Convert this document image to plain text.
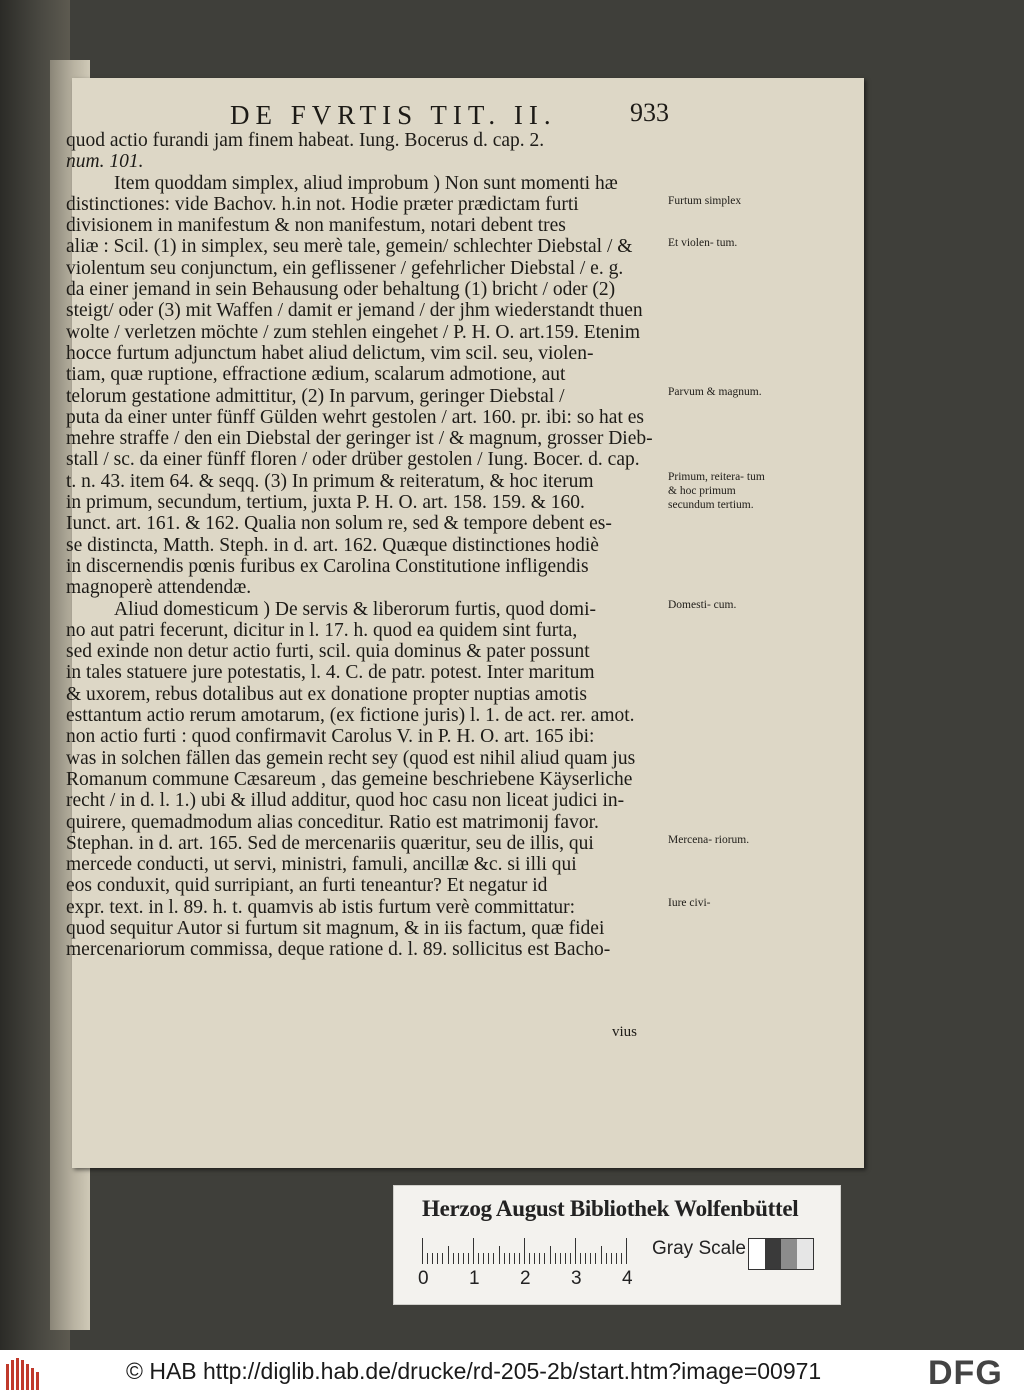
DE FVRTIS TIT. II.	933
quod actio furandi jam finem habeat. Iung. Bocerus d. cap. 2.
num. 101.
Item quoddam simplex, aliud improbum ) Non sunt momenti hæ
distinctiones: vide Bachov. h.in not. Hodie præter prædictam furti
divisionem in manifestum & non manifestum, notari debent tres
aliæ : Scil. (1) in simplex, seu merè tale, gemein/ schlechter Diebstal / &
violentum seu conjunctum, ein geflissener / gefehrlicher Diebstal / e. g.
da einer jemand in sein Behausung oder behaltung (1) bricht / oder (2)
steigt/ oder (3) mit Waffen / damit er jemand / der jhm wiederstandt thuen
wolte / verletzen möchte / zum stehlen eingehet / P. H. O. art.159. Etenim
hocce furtum adjunctum habet aliud delictum, vim scil. seu, violen-
tiam, quæ ruptione, effractione ædium, scalarum admotione, aut
telorum gestatione admittitur, (2) In parvum, geringer Diebstal /
puta da einer unter fünff Gülden wehrt gestolen / art. 160. pr. ibi: so hat es
mehre straffe / den ein Diebstal der geringer ist / & magnum, grosser Dieb-
stall / sc. da einer fünff floren / oder drüber gestolen / Iung. Bocer. d. cap.
t. n. 43. item 64. & seqq. (3) In primum & reiteratum, & hoc iterum
in primum, secundum, tertium, juxta P. H. O. art. 158. 159. & 160.
Iunct. art. 161. & 162. Qualia non solum re, sed & tempore debent es-
se distincta, Matth. Steph. in d. art. 162. Quæque distinctiones hodiè
in discernendis pœnis furibus ex Carolina Constitutione infligendis
magnoperè attendendæ.
Aliud domesticum ) De servis & liberorum furtis, quod domi-
no aut patri fecerunt, dicitur in l. 17. h. quod ea quidem sint furta,
sed exinde non detur actio furti, scil. quia dominus & pater possunt
in tales statuere jure potestatis, l. 4. C. de patr. potest. Inter maritum
& uxorem, rebus dotalibus aut ex donatione propter nuptias amotis
esttantum actio rerum amotarum, (ex fictione juris) l. 1. de act. rer. amot.
non actio furti : quod confirmavit Carolus V. in P. H. O. art. 165 ibi:
was in solchen fällen das gemein recht sey (quod est nihil aliud quam jus
Romanum commune Cæsareum , das gemeine beschriebene Käyserliche
recht / in d. l. 1.) ubi & illud additur, quod hoc casu non liceat judici in-
quirere, quemadmodum alias conceditur. Ratio est matrimonij favor.
Stephan. in d. art. 165. Sed de mercenariis quæritur, seu de illis, qui
mercede conducti, ut servi, ministri, famuli, ancillæ &c. si illi qui
eos conduxit, quid surripiant, an furti teneantur? Et negatur id
expr. text. in l. 89. h. t. quamvis ab istis furtum verè committatur:
quod sequitur Autor si furtum sit magnum, & in iis factum, quæ fidei
mercenariorum commissa, deque ratione d. l. 89. sollicitus est Bacho-
Furtum simplex
Et violen- tum.
Parvum & magnum.
Primum, reitera- tum & hoc primum secundum tertium.
Domesti- cum.
Mercena- riorum.
Iure civi-
vius
Herzog August Bibliothek Wolfenbüttel
Gray Scale
0 1 2 3 4
© HAB http://diglib.hab.de/drucke/rd-205-2b/start.htm?image=00971	DFG
